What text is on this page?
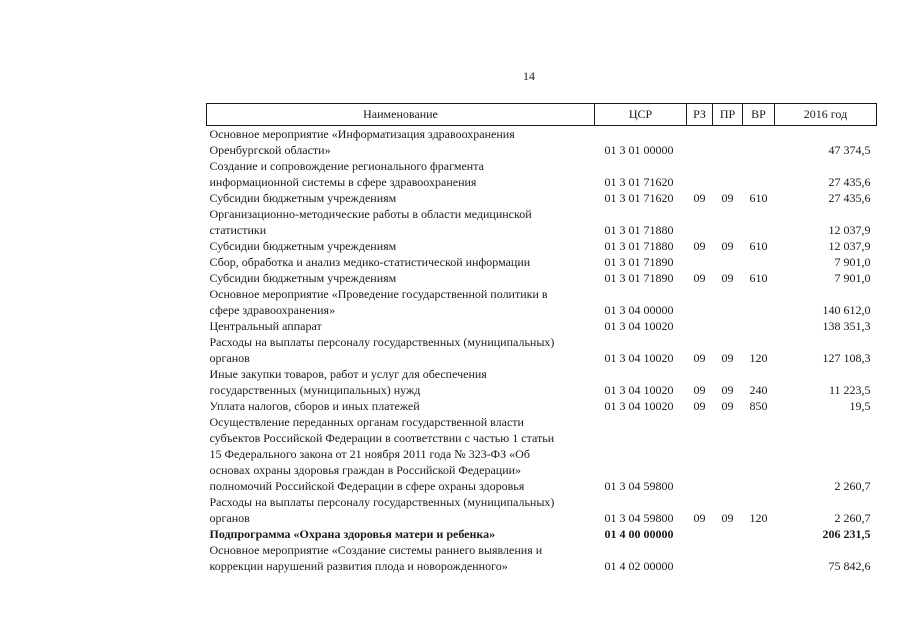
14
Наименование	ЦСР	РЗ	ПР	ВР	2016 год

Основное мероприятие «Информатизация здравоохранения
Оренбургской области»	01 3 01 00000				47 374,5

Создание и сопровождение регионального фрагмента
информационной системы в сфере здравоохранения	01 3 01 71620				27 435,6

Субсидии бюджетным учреждениям	01 3 01 71620	09	09	610	27 435,6

Организационно-методические работы в области медицинской
статистики	01 3 01 71880				12 037,9

Субсидии бюджетным учреждениям	01 3 01 71880	09	09	610	12 037,9

Сбор, обработка и анализ медико-статистической информации	01 3 01 71890				7 901,0

Субсидии бюджетным учреждениям	01 3 01 71890	09	09	610	7 901,0

Основное мероприятие «Проведение государственной политики в
сфере здравоохранения»	01 3 04 00000				140 612,0

Центральный аппарат	01 3 04 10020				138 351,3

Расходы на выплаты персоналу государственных (муниципальных)
органов	01 3 04 10020	09	09	120	127 108,3

Иные закупки товаров, работ и услуг для обеспечения
государственных (муниципальных) нужд	01 3 04 10020	09	09	240	11 223,5

Уплата налогов, сборов и иных платежей	01 3 04 10020	09	09	850	19,5

Осуществление переданных органам государственной власти
субъектов Российской Федерации в соответствии с частью 1 статьи
15 Федерального закона от 21 ноября 2011 года № 323-ФЗ «Об
основах охраны здоровья граждан в Российской Федерации»
полномочий Российской Федерации в сфере охраны здоровья	01 3 04 59800				2 260,7

Расходы на выплаты персоналу государственных (муниципальных)
органов	01 3 04 59800	09	09	120	2 260,7

Подпрограмма «Охрана здоровья матери и ребенка»	01 4 00 00000				206 231,5

Основное мероприятие «Создание системы раннего выявления и
коррекции нарушений развития плода и новорожденного»	01 4 02 00000				75 842,6
